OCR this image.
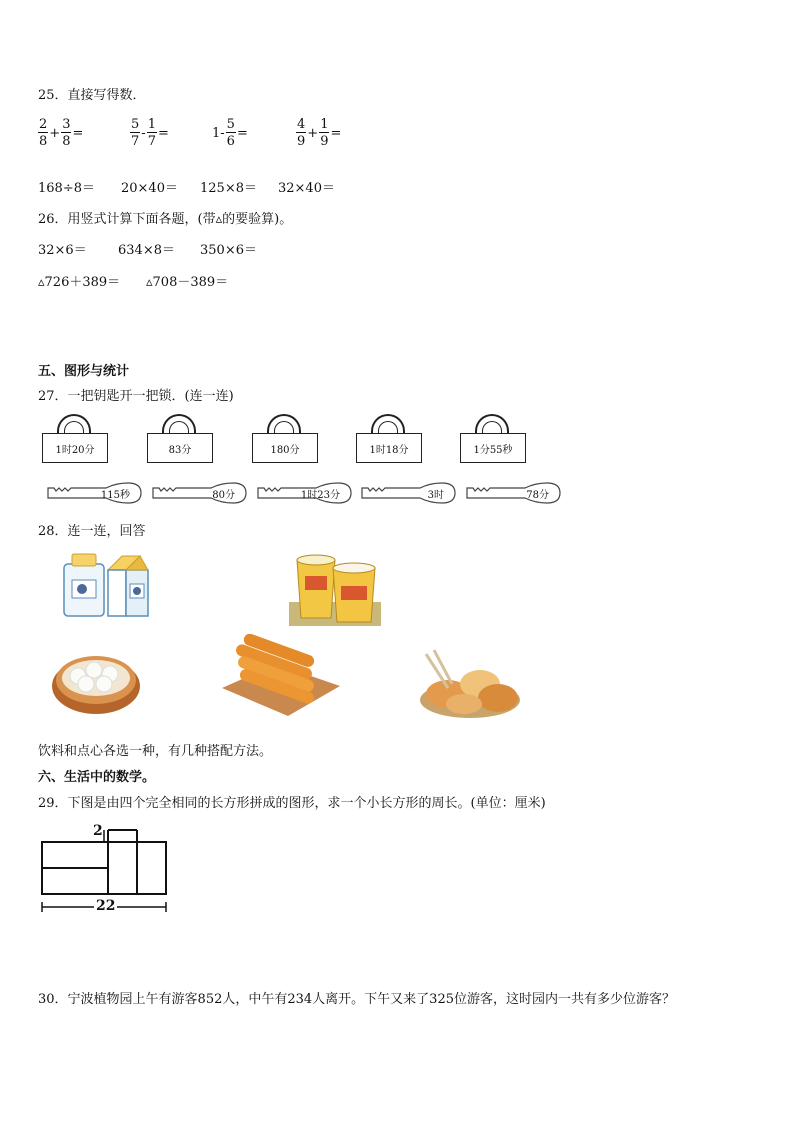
25．直接写得数．
$\frac{2}{8} + \frac{3}{8}$ =	$\frac{5}{7} - \frac{1}{7}$ =	$1- \frac{5}{6}$ =	$\frac{4}{9} + \frac{1}{9}$ =
168÷8＝ 20×40＝ 125×8＝ 32×40＝
26．用竖式计算下面各题，(带▵的要验算)。
32×6＝ 634×8＝ 350×6＝
▵726＋389＝ ▵708－389＝
五、图形与统计
27．一把钥匙开一把锁．(连一连)
1时20分	83分	180分	1时18分	1分55秒
115秒	80分	1时23分	3时	78分
28．连一连，回答
饮料和点心各选一种，有几种搭配方法。
六、生活中的数学。
29．下图是由四个完全相同的长方形拼成的图形，求一个小长方形的周长。(单位：厘米)
2
22
30．宁波植物园上午有游客852人，中午有234人离开。下午又来了325位游客，这时园内一共有多少位游客？
